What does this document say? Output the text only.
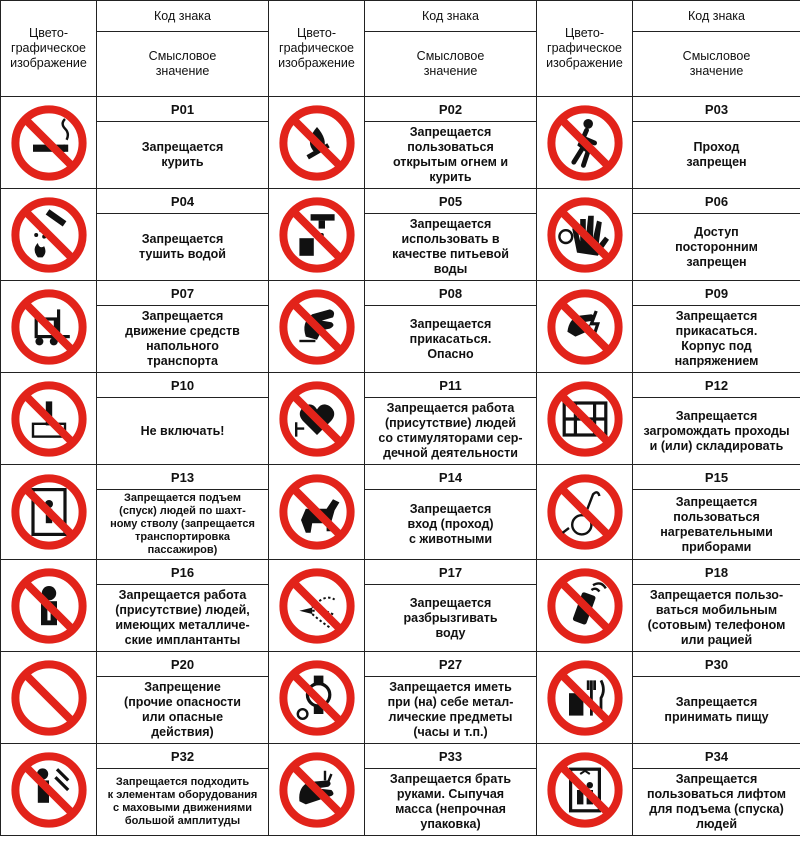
Цвето-
графическое
изображение	Код знака	Цвето-
графическое
изображение	Код знака	Цвето-
графическое
изображение	Код знака
	Смысловое
значение		Смысловое
значение		Смысловое
значение

	P01		P02		P03
	Запрещается
курить		Запрещается
пользоваться
открытым огнем и
курить		Проход
запрещен

	P04		P05		P06
	Запрещается
тушить водой		Запрещается
использовать в
качестве питьевой
воды		Доступ
посторонним
запрещен

	P07		P08		P09
	Запрещается
движение средств
напольного
транспорта		Запрещается
прикасаться.
Опасно		Запрещается
прикасаться.
Корпус под
напряжением

	P10		P11		P12
	Не включать!		Запрещается работа
(присутствие) людей
со стимуляторами сер-
дечной деятельности		Запрещается
загромождать проходы
и (или) складировать

	P13		P14		P15
	Запрещается подъем
(спуск) людей по шахт-
ному стволу (запрещается
транспортировка
пассажиров)		Запрещается
вход (проход)
с животными		Запрещается
пользоваться
нагревательными
приборами

	P16		P17		P18
	Запрещается работа
(присутствие) людей,
имеющих металличе-
ские имплантанты		Запрещается
разбрызгивать
воду		Запрещается пользо-
ваться мобильным
(сотовым) телефоном
или рацией

	P20		P27		P30
	Запрещение
(прочие опасности
или опасные
действия)		Запрещается иметь
при (на) себе метал-
лические предметы
(часы и т.п.)		Запрещается
принимать пищу

	P32		P33		P34
	Запрещается подходить
к элементам оборудования
с маховыми движениями
большой амплитуды		Запрещается брать
руками. Сыпучая
масса (непрочная
упаковка)		Запрещается
пользоваться лифтом
для подъема (спуска)
людей
